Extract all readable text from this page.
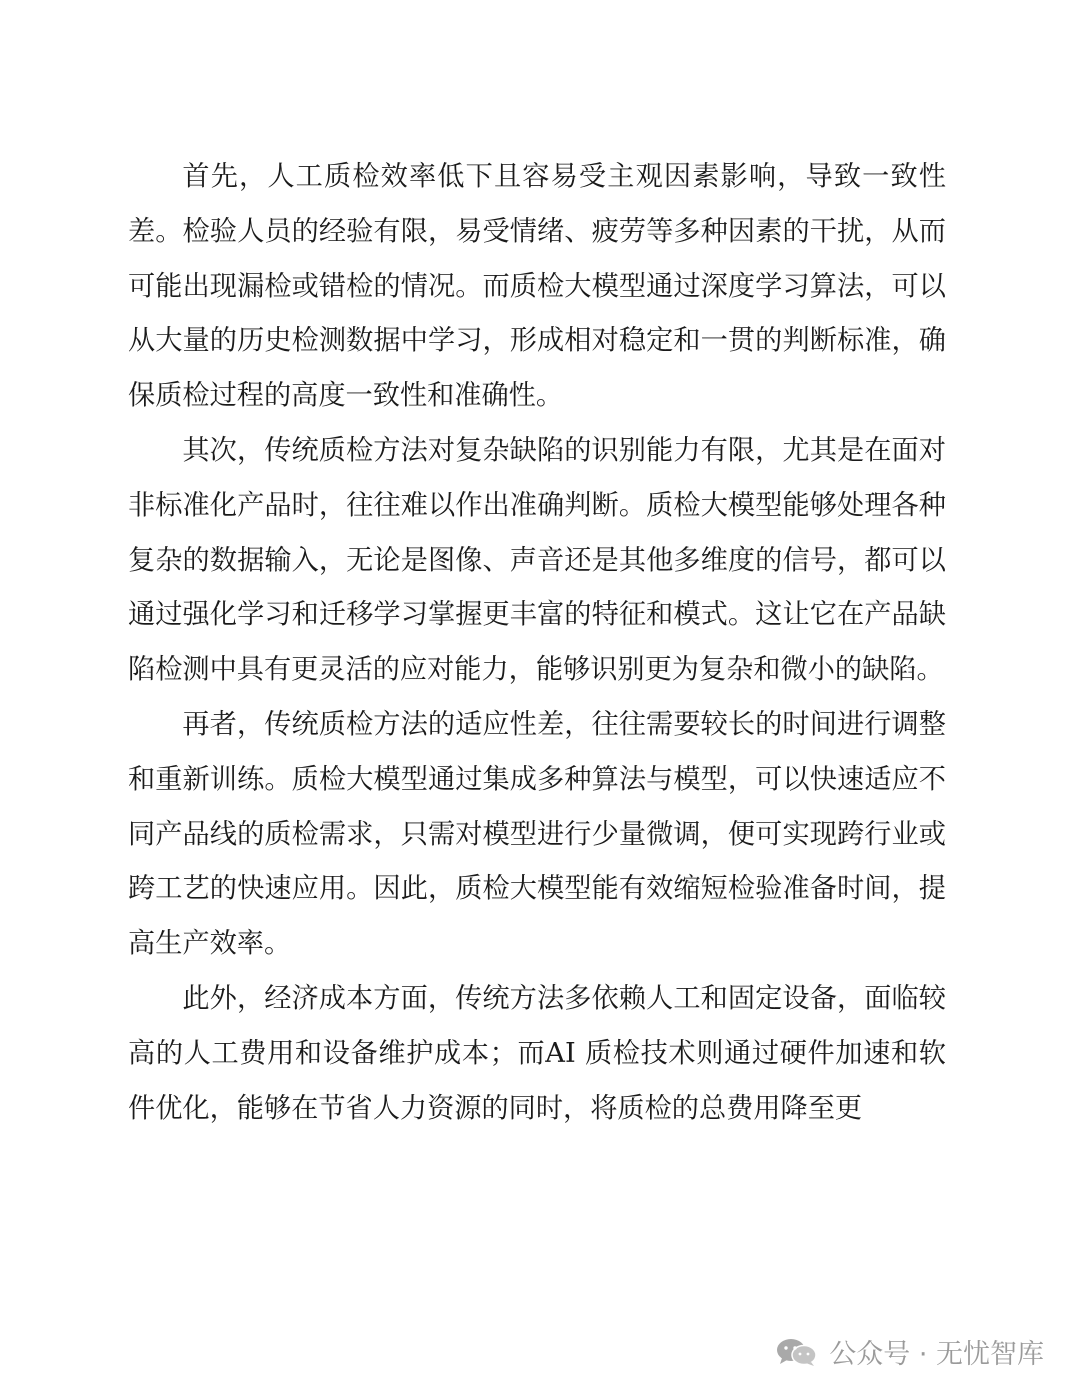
首先，人工质检效率低下且容易受主观因素影响，导致一致性差。检验人员的经验有限，易受情绪、疲劳等多种因素的干扰，从而可能出现漏检或错检的情况。而质检大模型通过深度学习算法，可以从大量的历史检测数据中学习，形成相对稳定和一贯的判断标准，确保质检过程的高度一致性和准确性。

其次，传统质检方法对复杂缺陷的识别能力有限，尤其是在面对非标准化产品时，往往难以作出准确判断。质检大模型能够处理各种复杂的数据输入，无论是图像、声音还是其他多维度的信号，都可以通过强化学习和迁移学习掌握更丰富的特征和模式。这让它在产品缺陷检测中具有更灵活的应对能力，能够识别更为复杂和微小的缺陷。

再者，传统质检方法的适应性差，往往需要较长的时间进行调整和重新训练。质检大模型通过集成多种算法与模型，可以快速适应不同产品线的质检需求，只需对模型进行少量微调，便可实现跨行业或跨工艺的快速应用。因此，质检大模型能有效缩短检验准备时间，提高生产效率。

此外，经济成本方面，传统方法多依赖人工和固定设备，面临较高的人工费用和设备维护成本；而AI 质检技术则通过硬件加速和软件优化，能够在节省人力资源的同时，将质检的总费用降至更

公众号 · 无忧智库
